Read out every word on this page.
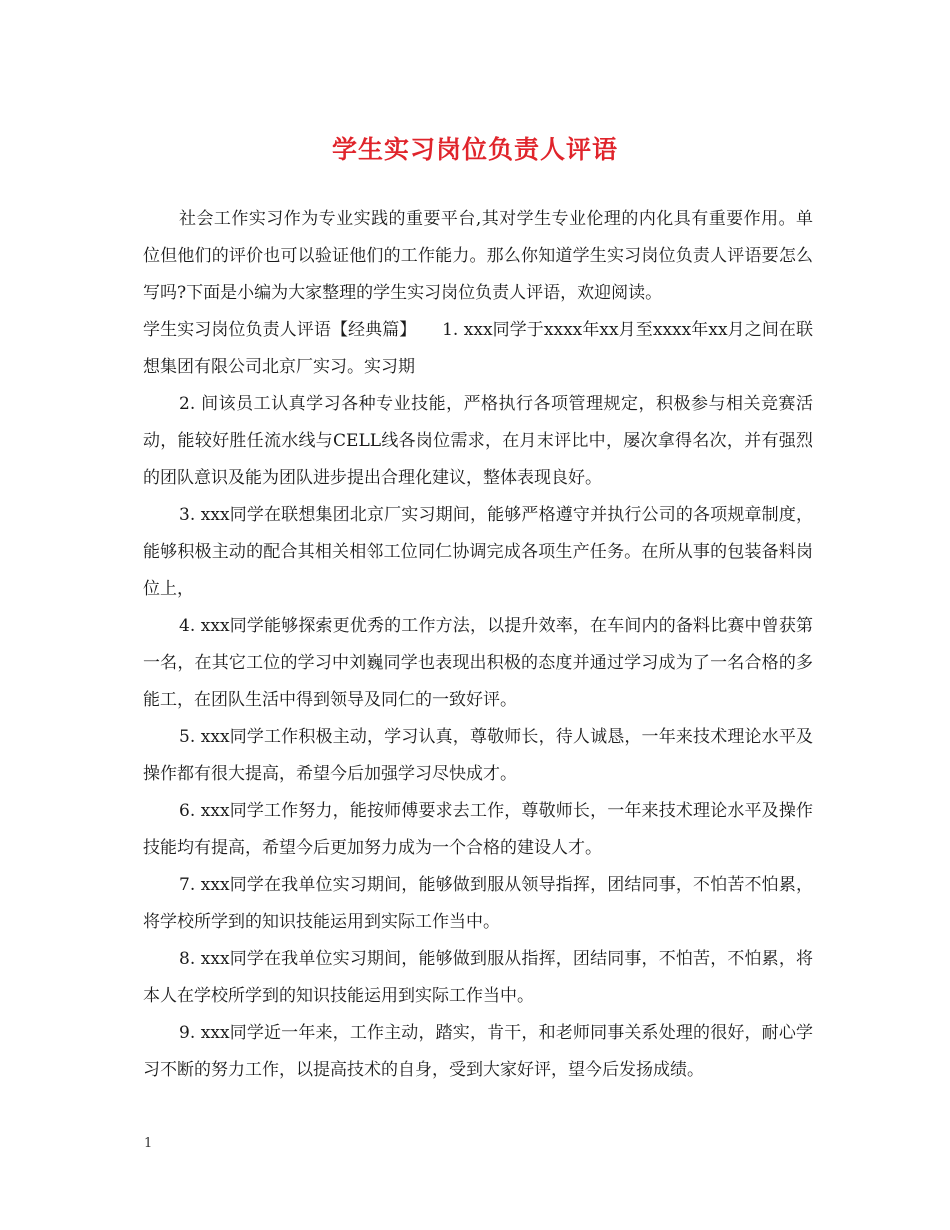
学生实习岗位负责人评语

社会工作实习作为专业实践的重要平台,其对学生专业伦理的内化具有重要作用。单位但他们的评价也可以验证他们的工作能力。那么你知道学生实习岗位负责人评语要怎么写吗?下面是小编为大家整理的学生实习岗位负责人评语，欢迎阅读。

学生实习岗位负责人评语【经典篇】　　1. xxx同学于xxxx年xx月至xxxx年xx月之间在联想集团有限公司北京厂实习。实习期

2. 间该员工认真学习各种专业技能，严格执行各项管理规定，积极参与相关竞赛活动，能较好胜任流水线与CELL线各岗位需求，在月末评比中，屡次拿得名次，并有强烈的团队意识及能为团队进步提出合理化建议，整体表现良好。

3. xxx同学在联想集团北京厂实习期间，能够严格遵守并执行公司的各项规章制度，能够积极主动的配合其相关相邻工位同仁协调完成各项生产任务。在所从事的包装备料岗位上，

4. xxx同学能够探索更优秀的工作方法，以提升效率，在车间内的备料比赛中曾获第一名，在其它工位的学习中刘巍同学也表现出积极的态度并通过学习成为了一名合格的多能工，在团队生活中得到领导及同仁的一致好评。

5. xxx同学工作积极主动，学习认真，尊敬师长，待人诚恳，一年来技术理论水平及操作都有很大提高，希望今后加强学习尽快成才。

6. xxx同学工作努力，能按师傅要求去工作，尊敬师长，一年来技术理论水平及操作技能均有提高，希望今后更加努力成为一个合格的建设人才。

7. xxx同学在我单位实习期间，能够做到服从领导指挥，团结同事，不怕苦不怕累，将学校所学到的知识技能运用到实际工作当中。

8. xxx同学在我单位实习期间，能够做到服从指挥，团结同事，不怕苦，不怕累，将本人在学校所学到的知识技能运用到实际工作当中。

9. xxx同学近一年来，工作主动，踏实，肯干，和老师同事关系处理的很好，耐心学习不断的努力工作，以提高技术的自身，受到大家好评，望今后发扬成绩。

1
